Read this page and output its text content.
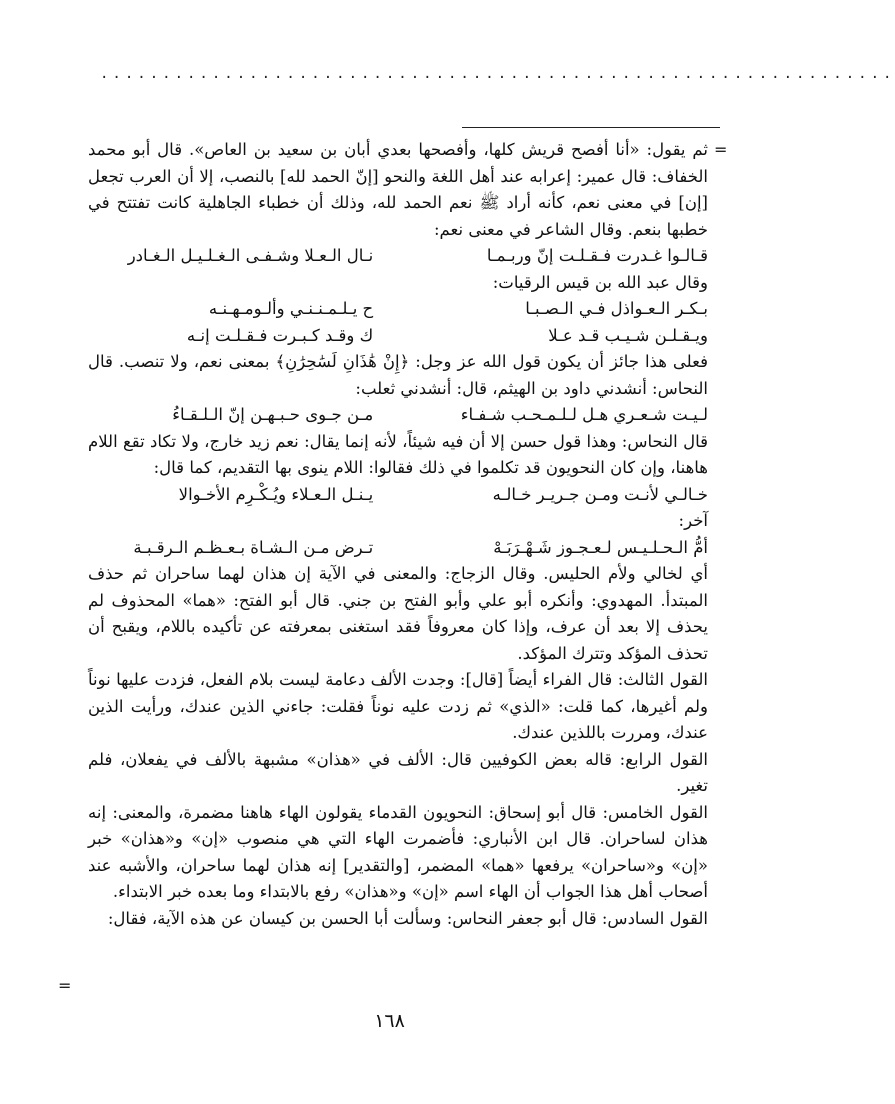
................................................................
=

ثم يقول: «أنا أفصح قريش كلها، وأفصحها بعدي أبان بن سعيد بن العاص». قال أبو محمد الخفاف: قال عمير: إعرابه عند أهل اللغة والنحو [إنّ الحمد لله] بالنصب، إلا أن العرب تجعل [إن] في معنى نعم، كأنه أراد ﷺ نعم الحمد لله، وذلك أن خطباء الجاهلية كانت تفتتح في خطبها بنعم. وقال الشاعر في معنى نعم:

قـالـوا غـدرت فـقـلـت إنّ وربـمـا
نـال الـعـلا وشـفـى الـغـلـيـل الـغـادر

وقال عبد الله بن قيس الرقيات:

بـكـر الـعـواذل فـي الـصـبـا
ح يـلـمـنـنـي وألـومـهـنـه
ويـقـلـن شـيـب قـد عـلا
ك وقـد كـبـرت فـقـلـت إنـه

فعلى هذا جائز أن يكون قول الله عز وجل: ﴿إِنْ هَٰذَانِ لَسَٰحِرَٰنِ﴾ بمعنى نعم، ولا تنصب. قال النحاس: أنشدني داود بن الهيثم، قال: أنشدني ثعلب:

لـيـت شـعـري هـل لـلـمـحـب شـفـاء
مـن جـوى حـبـهـن إنّ الـلـقـاءُ

قال النحاس: وهذا قول حسن إلا أن فيه شيئاً، لأنه إنما يقال: نعم زيد خارج، ولا تكاد تقع اللام هاهنا، وإن كان النحويون قد تكلموا في ذلك فقالوا: اللام ينوى بها التقديم، كما قال:

خـالـي لأنـت ومـن جـريـر خـالـه
يـنـل الـعـلاء ويُـكْـرِم الأخـوالا

آخر:

أمُّ الـحـلـيـس لـعـجـوز شَـهْـرَبَـهْ
تـرض مـن الـشـاة بـعـظـم الـرقـبـة

أي لخالي ولأم الحليس. وقال الزجاج: والمعنى في الآية إن هذان لهما ساحران ثم حذف المبتدأ. المهدوي: وأنكره أبو علي وأبو الفتح بن جني. قال أبو الفتح: «هما» المحذوف لم يحذف إلا بعد أن عرف، وإذا كان معروفاً فقد استغنى بمعرفته عن تأكيده باللام، ويقبح أن تحذف المؤكد وتترك المؤكد.

القول الثالث: قال الفراء أيضاً [قال]: وجدت الألف دعامة ليست بلام الفعل، فزدت عليها نوناً ولم أغيرها، كما قلت: «الذي» ثم زدت عليه نوناً فقلت: جاءني الذين عندك، ورأيت الذين عندك، ومررت باللذين عندك.

القول الرابع: قاله بعض الكوفيين قال: الألف في «هذان» مشبهة بالألف في يفعلان، فلم تغير.

القول الخامس: قال أبو إسحاق: النحويون القدماء يقولون الهاء هاهنا مضمرة، والمعنى: إنه هذان لساحران. قال ابن الأنباري: فأضمرت الهاء التي هي منصوب «إن» و«هذان» خبر «إن» و«ساحران» يرفعها «هما» المضمر، [والتقدير] إنه هذان لهما ساحران، والأشبه عند أصحاب أهل هذا الجواب أن الهاء اسم «إن» و«هذان» رفع بالابتداء وما بعده خبر الابتداء.

القول السادس: قال أبو جعفر النحاس: وسألت أبا الحسن بن كيسان عن هذه الآية، فقال:

=
١٦٨
